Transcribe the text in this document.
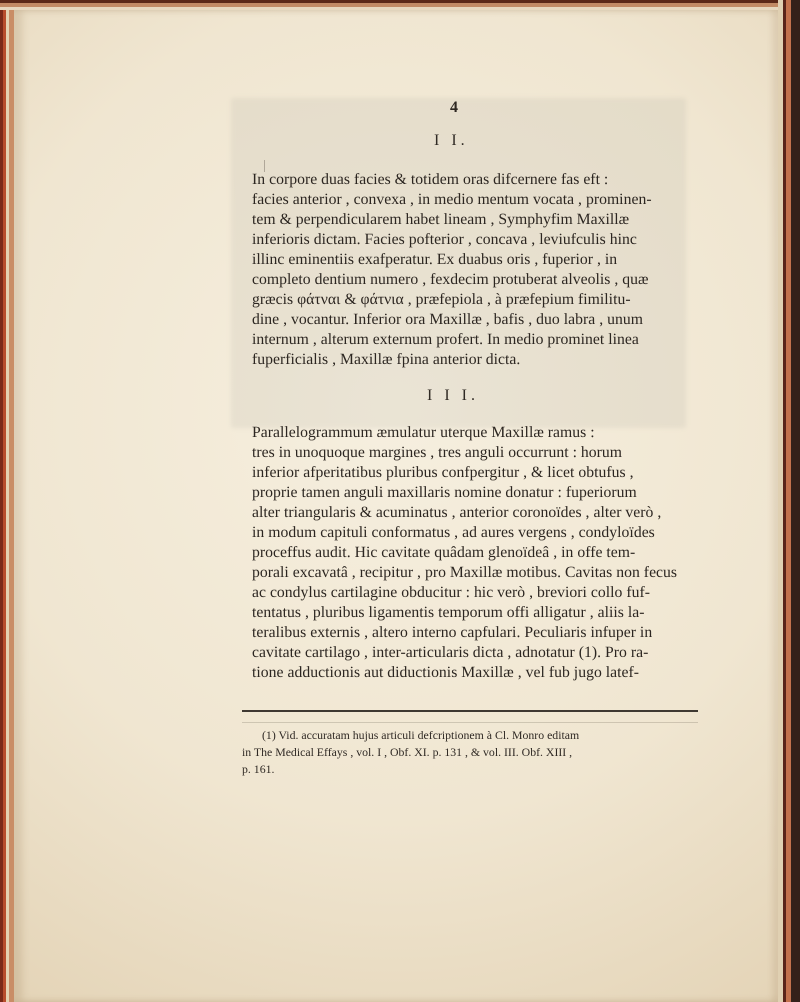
4
I I.
In corpore duas facies & totidem oras difcernere fas eft :
facies anterior , convexa , in medio mentum vocata , prominen-
tem & perpendicularem habet lineam , Symphyfim Maxillæ
inferioris dictam. Facies pofterior , concava , leviufculis hinc
illinc eminentiis exafperatur. Ex duabus oris , fuperior , in
completo dentium numero , fexdecim protuberat alveolis , quæ
græcis φάτναι & φάτνια , præfepiola , à præfepium fimilitu-
dine , vocantur. Inferior ora Maxillæ , bafis , duo labra , unum
internum , alterum externum profert. In medio prominet linea
fuperficialis , Maxillæ fpina anterior dicta.
I I I.
Parallelogrammum æmulatur uterque Maxillæ ramus :
tres in unoquoque margines , tres anguli occurrunt : horum
inferior afperitatibus pluribus confpergitur , & licet obtufus ,
proprie tamen anguli maxillaris nomine donatur : fuperiorum
alter triangularis & acuminatus , anterior coronoïdes , alter verò ,
in modum capituli conformatus , ad aures vergens , condyloïdes
proceffus audit. Hic cavitate quâdam glenoïdeâ , in offe tem-
porali excavatâ , recipitur , pro Maxillæ motibus. Cavitas non fecus
ac condylus cartilagine obducitur : hic verò , breviori collo fuf-
tentatus , pluribus ligamentis temporum offi alligatur , aliis la-
teralibus externis , altero interno capfulari. Peculiaris infuper in
cavitate cartilago , inter-articularis dicta , adnotatur (1). Pro ra-
tione adductionis aut diductionis Maxillæ , vel fub jugo latef-
(1) Vid. accuratam hujus articuli defcriptionem à Cl. Monro editam
in The Medical Effays , vol. I , Obf. XI. p. 131 , & vol. III. Obf. XIII ,
p. 161.
